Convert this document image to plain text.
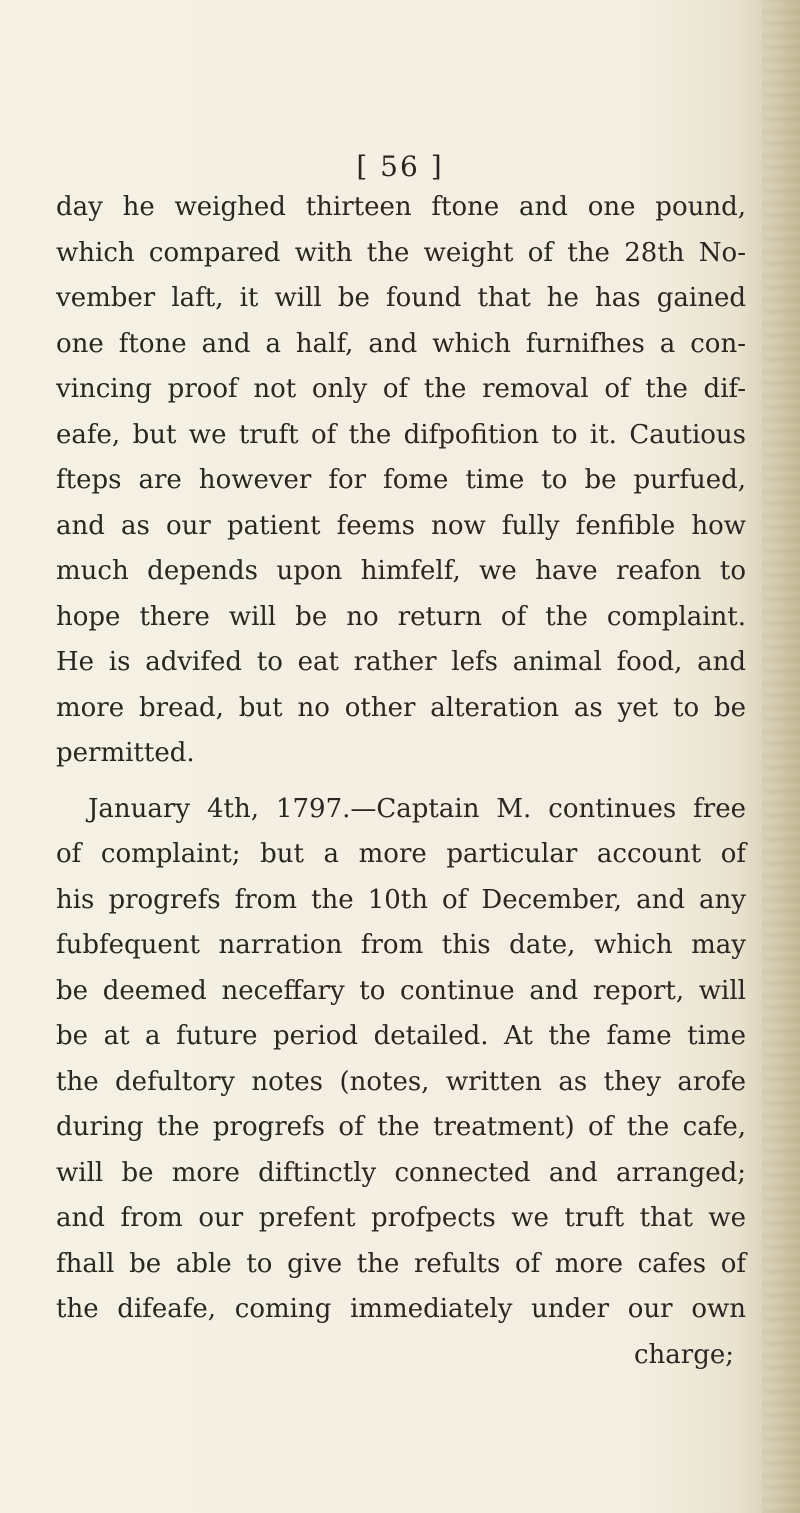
[ 56 ]
day he weighed thirteen ftone and one pound,
which compared with the weight of the 28th No-
vember laft, it will be found that he has gained
one ftone and a half, and which furnifhes a con-
vincing proof not only of the removal of the dif-
eafe, but we truft of the difpofition to it. Cautious
fteps are however for fome time to be purfued,
and as our patient feems now fully fenfible how
much depends upon himfelf, we have reafon to
hope there will be no return of the complaint.
He is advifed to eat rather lefs animal food, and
more bread, but no other alteration as yet to be
permitted.
January 4th, 1797.—Captain M. continues free
of complaint; but a more particular account of
his progrefs from the 10th of December, and any
fubfequent narration from this date, which may
be deemed neceffary to continue and report, will
be at a future period detailed. At the fame time
the defultory notes (notes, written as they arofe
during the progrefs of the treatment) of the cafe,
will be more diftinctly connected and arranged;
and from our prefent profpects we truft that we
fhall be able to give the refults of more cafes of
the difeafe, coming immediately under our own
charge;
